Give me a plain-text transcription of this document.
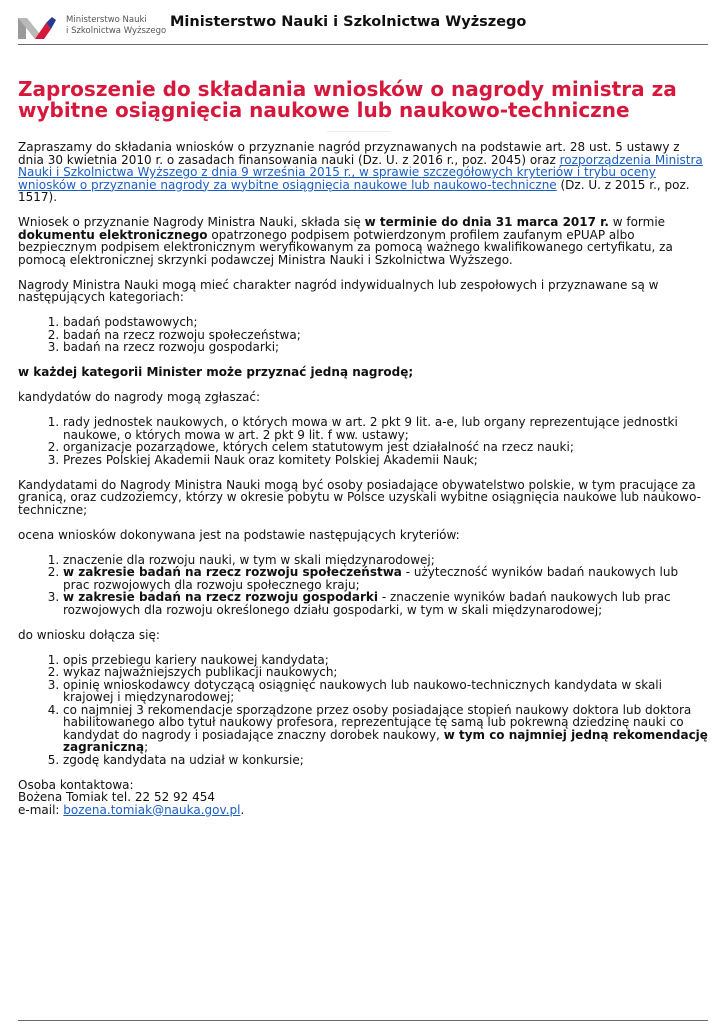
Ministerstwo Nauki
i Szkolnictwa Wyższego
Ministerstwo Nauki i Szkolnictwa Wyższego
Zaproszenie do składania wniosków o nagrody ministra za
wybitne osiągnięcia naukowe lub naukowo-techniczne

Zapraszamy do składania wniosków o przyznanie nagród przyznawanych na podstawie art. 28 ust. 5 ustawy z dnia 30 kwietnia 2010 r. o zasadach finansowania nauki (Dz. U. z 2016 r., poz. 2045) oraz rozporządzenia Ministra Nauki i Szkolnictwa Wyższego z dnia 9 września 2015 r., w sprawie szczegółowych kryteriów i trybu oceny wniosków o przyznanie nagrody za wybitne osiągnięcia naukowe lub naukowo-techniczne (Dz. U. z 2015 r., poz. 1517).

Wniosek o przyznanie Nagrody Ministra Nauki, składa się w terminie do dnia 31 marca 2017 r. w formie dokumentu elektronicznego opatrzonego podpisem potwierdzonym profilem zaufanym ePUAP albo bezpiecznym podpisem elektronicznym weryfikowanym za pomocą ważnego kwalifikowanego certyfikatu, za pomocą elektronicznej skrzynki podawczej Ministra Nauki i Szkolnictwa Wyższego.

Nagrody Ministra Nauki mogą mieć charakter nagród indywidualnych lub zespołowych i przyznawane są w następujących kategoriach:

1. badań podstawowych;
2. badań na rzecz rozwoju społeczeństwa;
3. badań na rzecz rozwoju gospodarki;

w każdej kategorii Minister może przyznać jedną nagrodę;

kandydatów do nagrody mogą zgłaszać:

1. rady jednostek naukowych, o których mowa w art. 2 pkt 9 lit. a-e, lub organy reprezentujące jednostki naukowe, o których mowa w art. 2 pkt 9 lit. f ww. ustawy;
2. organizacje pozarządowe, których celem statutowym jest działalność na rzecz nauki;
3. Prezes Polskiej Akademii Nauk oraz komitety Polskiej Akademii Nauk;

Kandydatami do Nagrody Ministra Nauki mogą być osoby posiadające obywatelstwo polskie, w tym pracujące za granicą, oraz cudzoziemcy, którzy w okresie pobytu w Polsce uzyskali wybitne osiągnięcia naukowe lub naukowo-techniczne;

ocena wniosków dokonywana jest na podstawie następujących kryteriów:

1. znaczenie dla rozwoju nauki, w tym w skali międzynarodowej;
2. w zakresie badań na rzecz rozwoju społeczeństwa - użyteczność wyników badań naukowych lub prac rozwojowych dla rozwoju społecznego kraju;
3. w zakresie badań na rzecz rozwoju gospodarki - znaczenie wyników badań naukowych lub prac rozwojowych dla rozwoju określonego działu gospodarki, w tym w skali międzynarodowej;

do wniosku dołącza się:

1. opis przebiegu kariery naukowej kandydata;
2. wykaz najważniejszych publikacji naukowych;
3. opinię wnioskodawcy dotyczącą osiągnięć naukowych lub naukowo-technicznych kandydata w skali krajowej i międzynarodowej;
4. co najmniej 3 rekomendacje sporządzone przez osoby posiadające stopień naukowy doktora lub doktora habilitowanego albo tytuł naukowy profesora, reprezentujące tę samą lub pokrewną dziedzinę nauki co kandydat do nagrody i posiadające znaczny dorobek naukowy, w tym co najmniej jedną rekomendację zagraniczną;
5. zgodę kandydata na udział w konkursie;

Osoba kontaktowa:

Bożena Tomiak tel. 22 52 92 454

e-mail: bozena.tomiak@nauka.gov.pl.
